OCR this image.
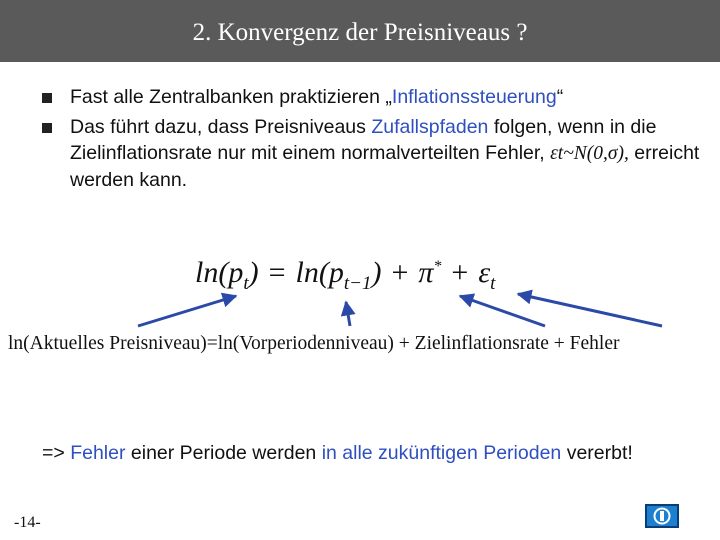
2. Konvergenz der Preisniveaus ?
Fast alle Zentralbanken praktizieren „Inflationssteuerung“
Das führt dazu, dass Preisniveaus Zufallspfaden folgen, wenn in die Zielinflationsrate nur mit einem normalverteilten Fehler, εt~N(0,σ), erreicht werden kann.
$\ln(p_t) = \ln(p_{t-1}) + \pi^* + \varepsilon_t$
ln(Aktuelles Preisniveau)=ln(Vorperiodenniveau) + Zielinflationsrate + Fehler
=> Fehler einer Periode werden in alle zukünftigen Perioden vererbt!
-14-
